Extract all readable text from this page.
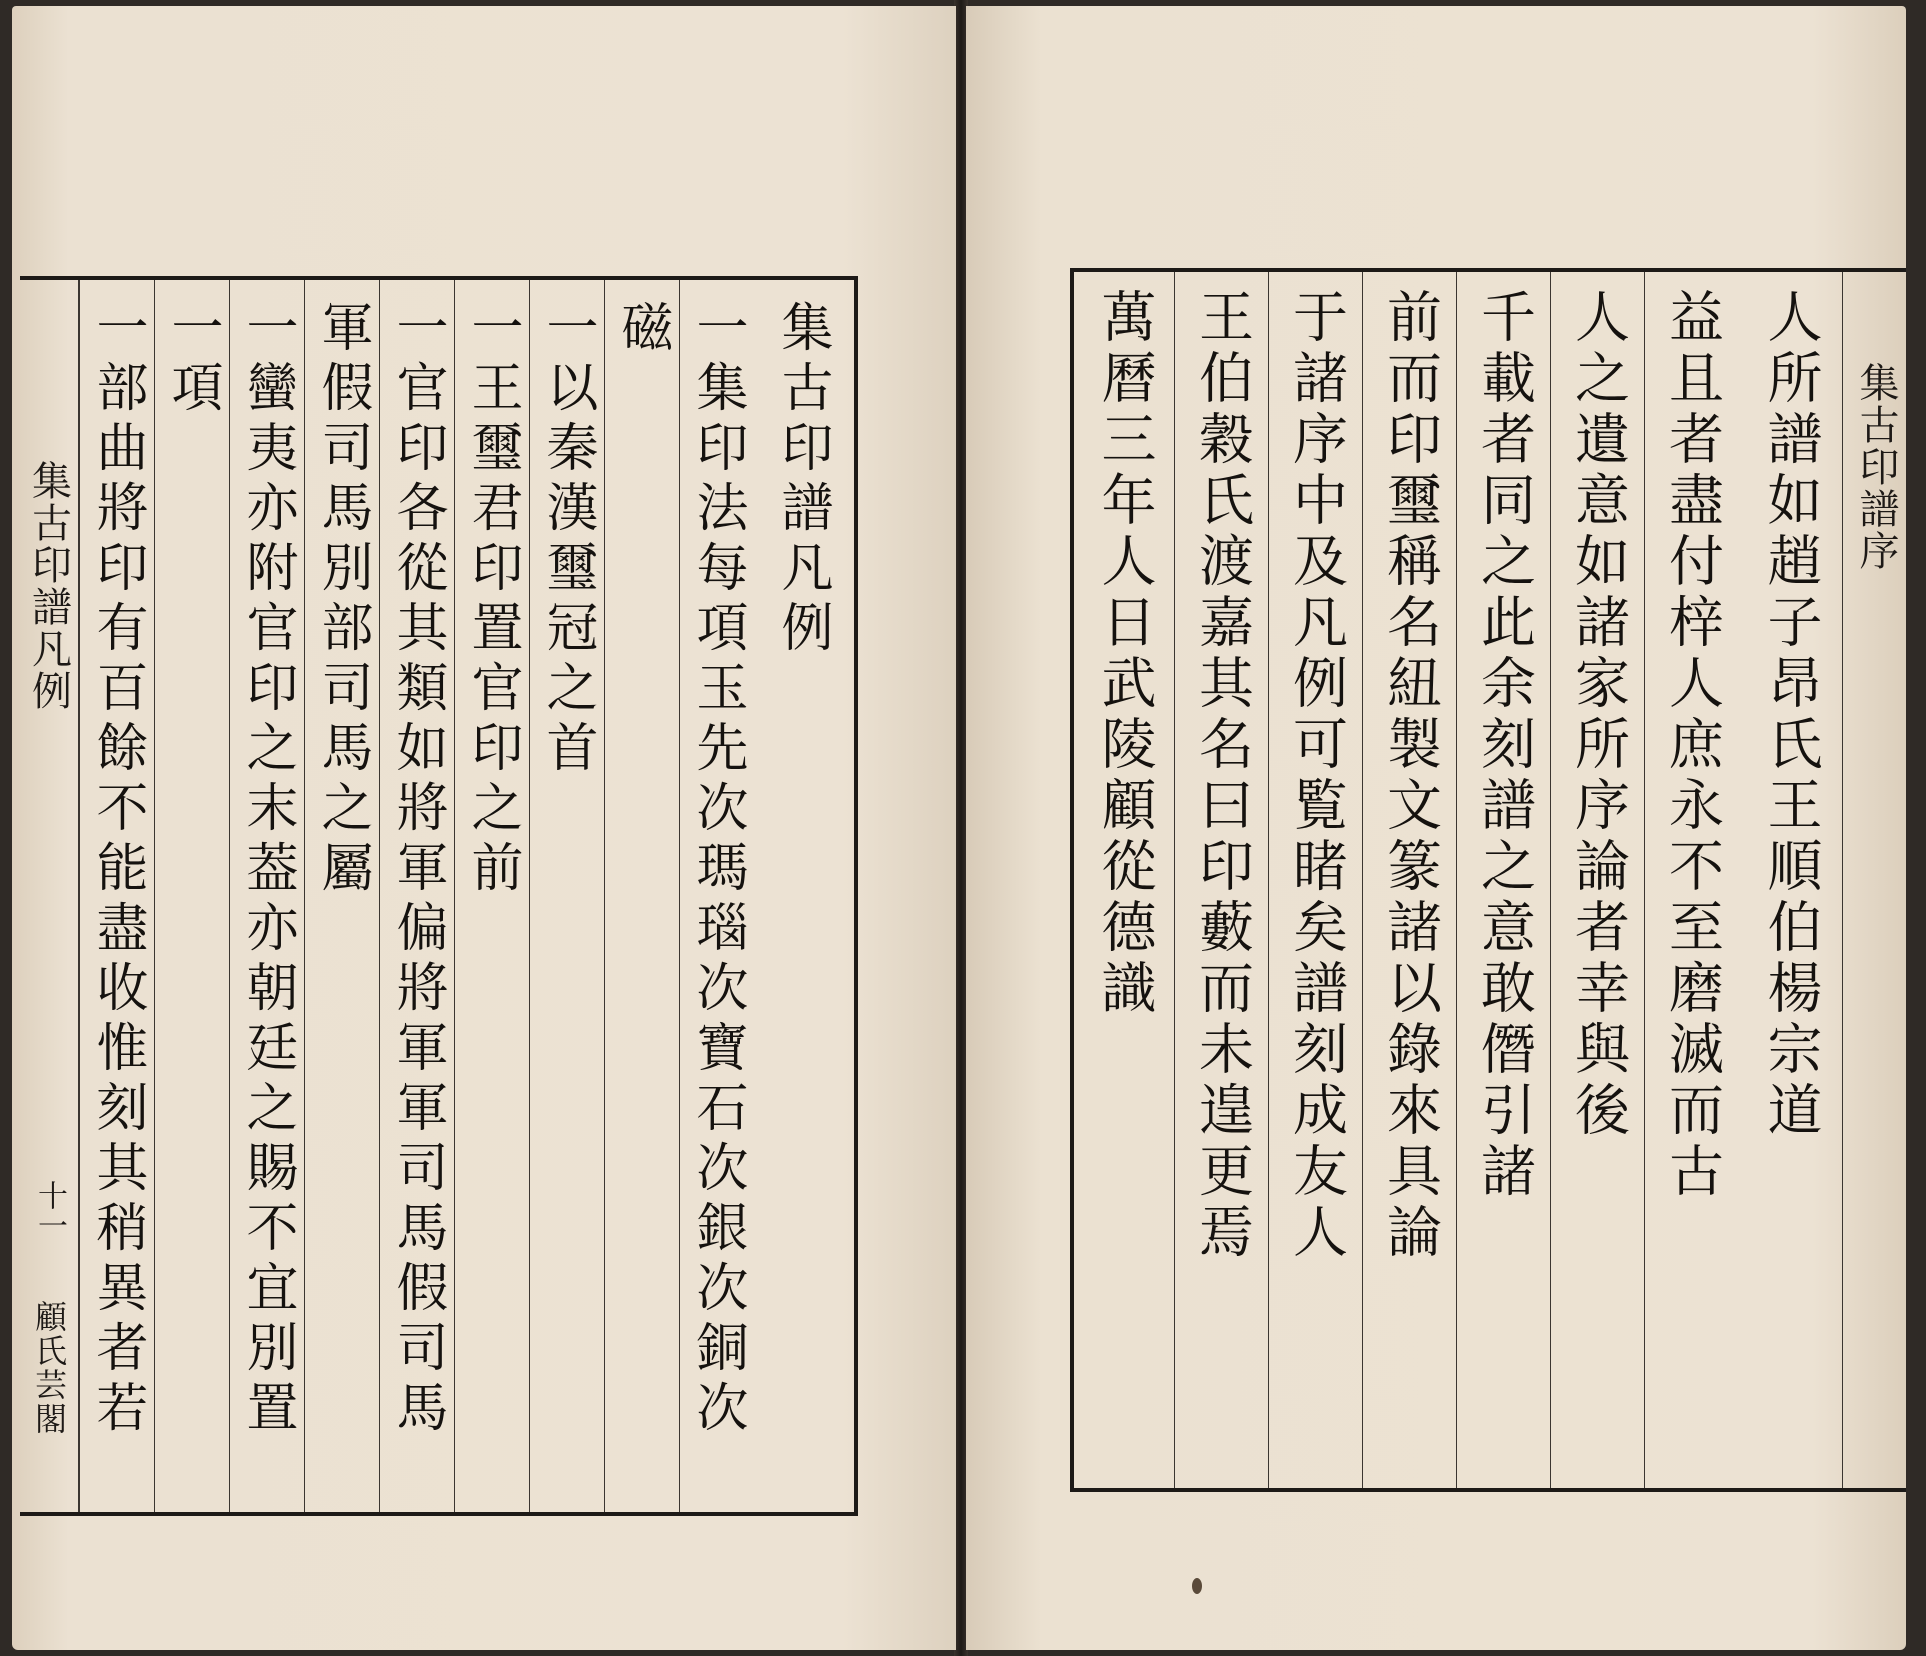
集古印譜凡例
一集印法每項玉先次瑪瑙次寶石次銀次銅次
磁
一以秦漢璽冠之首
一王璽君印置官印之前
一官印各從其類如將軍偏將軍軍司馬假司馬
軍假司馬別部司馬之屬
一蠻夷亦附官印之末葢亦朝廷之賜不宜別置
一項
一部曲將印有百餘不能盡收惟刻其稍異者若
集古印譜凡例
十一
顧氏芸閣
人所譜如趙子昂氏王順伯楊宗道
益且者盡付梓人庶永不至磨滅而古
人之遺意如諸家所序論者幸與後
千載者同之此余刻譜之意敢僭引諸
前而印璽稱名紐製文篆諸以錄來具論
于諸序中及凡例可覧睹矣譜刻成友人
王伯穀氏渡嘉其名曰印藪而未遑更焉
萬曆三年人日武陵顧從德識	集古印譜序
